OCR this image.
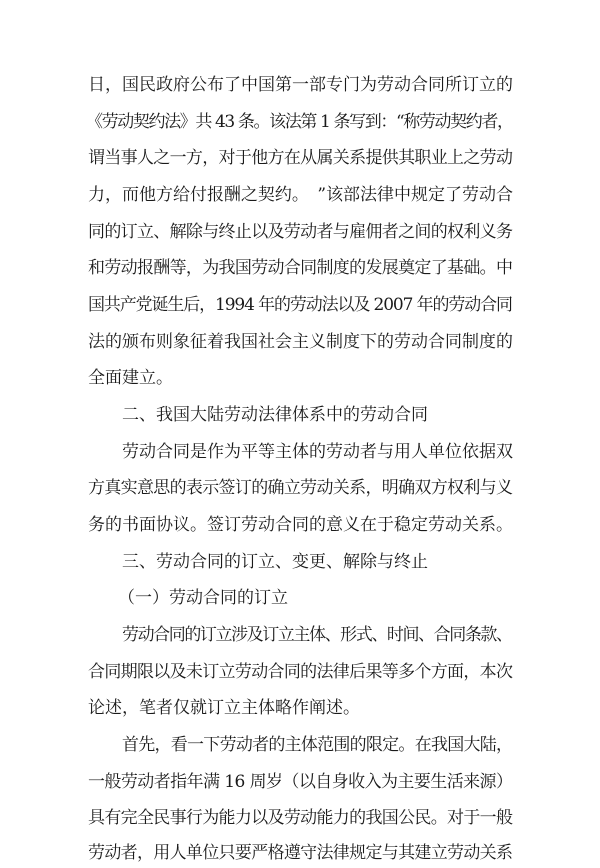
日，国民政府公布了中国第一部专门为劳动合同所订立的
《劳动契约法》共 43 条。该法第 1 条写到：“称劳动契约者，
谓当事人之一方，对于他方在从属关系提供其职业上之劳动
力，而他方给付报酬之契约。　”该部法律中规定了劳动合
同的订立、解除与终止以及劳动者与雇佣者之间的权利义务
和劳动报酬等，为我国劳动合同制度的发展奠定了基础。中
国共产党诞生后，1994 年的劳动法以及 2007 年的劳动合同
法的颁布则象征着我国社会主义制度下的劳动合同制度的
全面建立。
二、我国大陆劳动法律体系中的劳动合同
劳动合同是作为平等主体的劳动者与用人单位依据双
方真实意思的表示签订的确立劳动关系，明确双方权利与义
务的书面协议。签订劳动合同的意义在于稳定劳动关系。
三、劳动合同的订立、变更、解除与终止
（一）劳动合同的订立
劳动合同的订立涉及订立主体、形式、时间、合同条款、
合同期限以及未订立劳动合同的法律后果等多个方面，本次
论述，笔者仅就订立主体略作阐述。
首先，看一下劳动者的主体范围的限定。在我国大陆，
一般劳动者指年满 16 周岁（以自身收入为主要生活来源）
具有完全民事行为能力以及劳动能力的我国公民。对于一般
劳动者，用人单位只要严格遵守法律规定与其建立劳动关系
